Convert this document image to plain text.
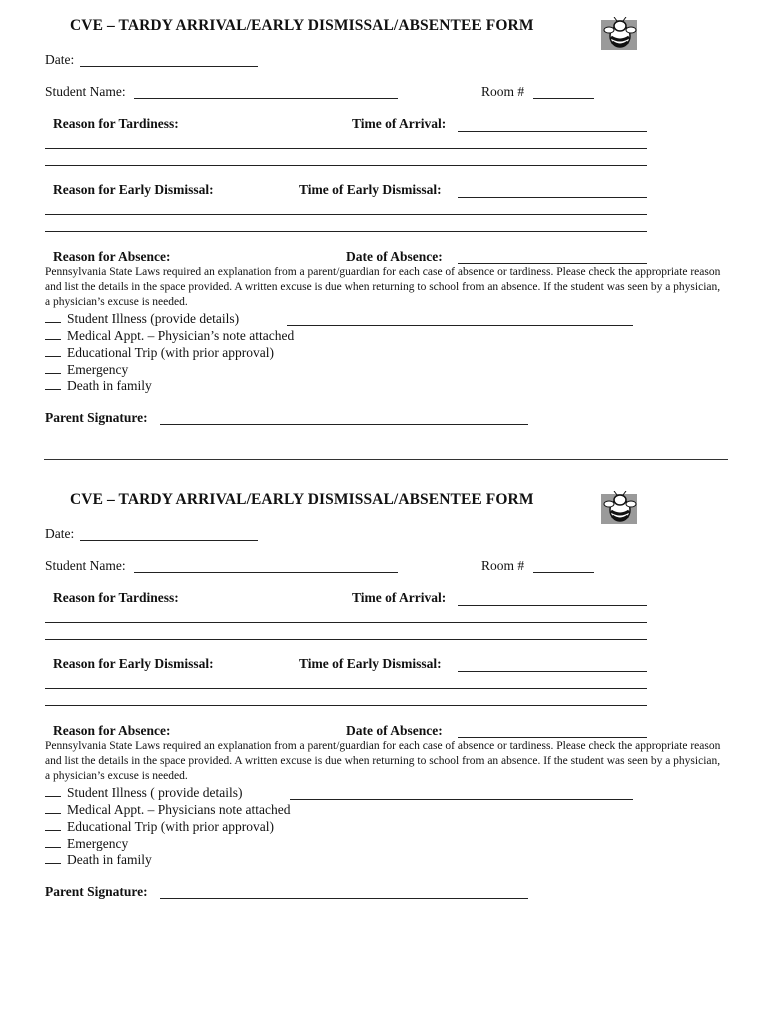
CVE – TARDY ARRIVAL/EARLY DISMISSAL/ABSENTEE FORM
Date:
Student Name:	Room #
Reason for Tardiness:	Time of Arrival:
Reason for Early Dismissal:	Time of Early Dismissal:
Reason for Absence:	Date of Absence:
Pennsylvania State Laws required an explanation from a parent/guardian for each case of absence or tardiness. Please check the appropriate reason and list the details in the space provided. A written excuse is due when returning to school from an absence. If the student was seen by a physician, a physician’s excuse is needed.
Student Illness (provide details)
Medical Appt. – Physician’s note attached
Educational Trip (with prior approval)
Emergency
Death in family
Parent Signature:
CVE – TARDY ARRIVAL/EARLY DISMISSAL/ABSENTEE FORM
Date:
Student Name:	Room #
Reason for Tardiness:	Time of Arrival:
Reason for Early Dismissal:	Time of Early Dismissal:
Reason for Absence:	Date of Absence:
Pennsylvania State Laws required an explanation from a parent/guardian for each case of absence or tardiness. Please check the appropriate reason and list the details in the space provided. A written excuse is due when returning to school from an absence. If the student was seen by a physician, a physician’s excuse is needed.
Student Illness ( provide details)
Medical Appt. – Physicians note attached
Educational Trip (with prior approval)
Emergency
Death in family
Parent Signature:
